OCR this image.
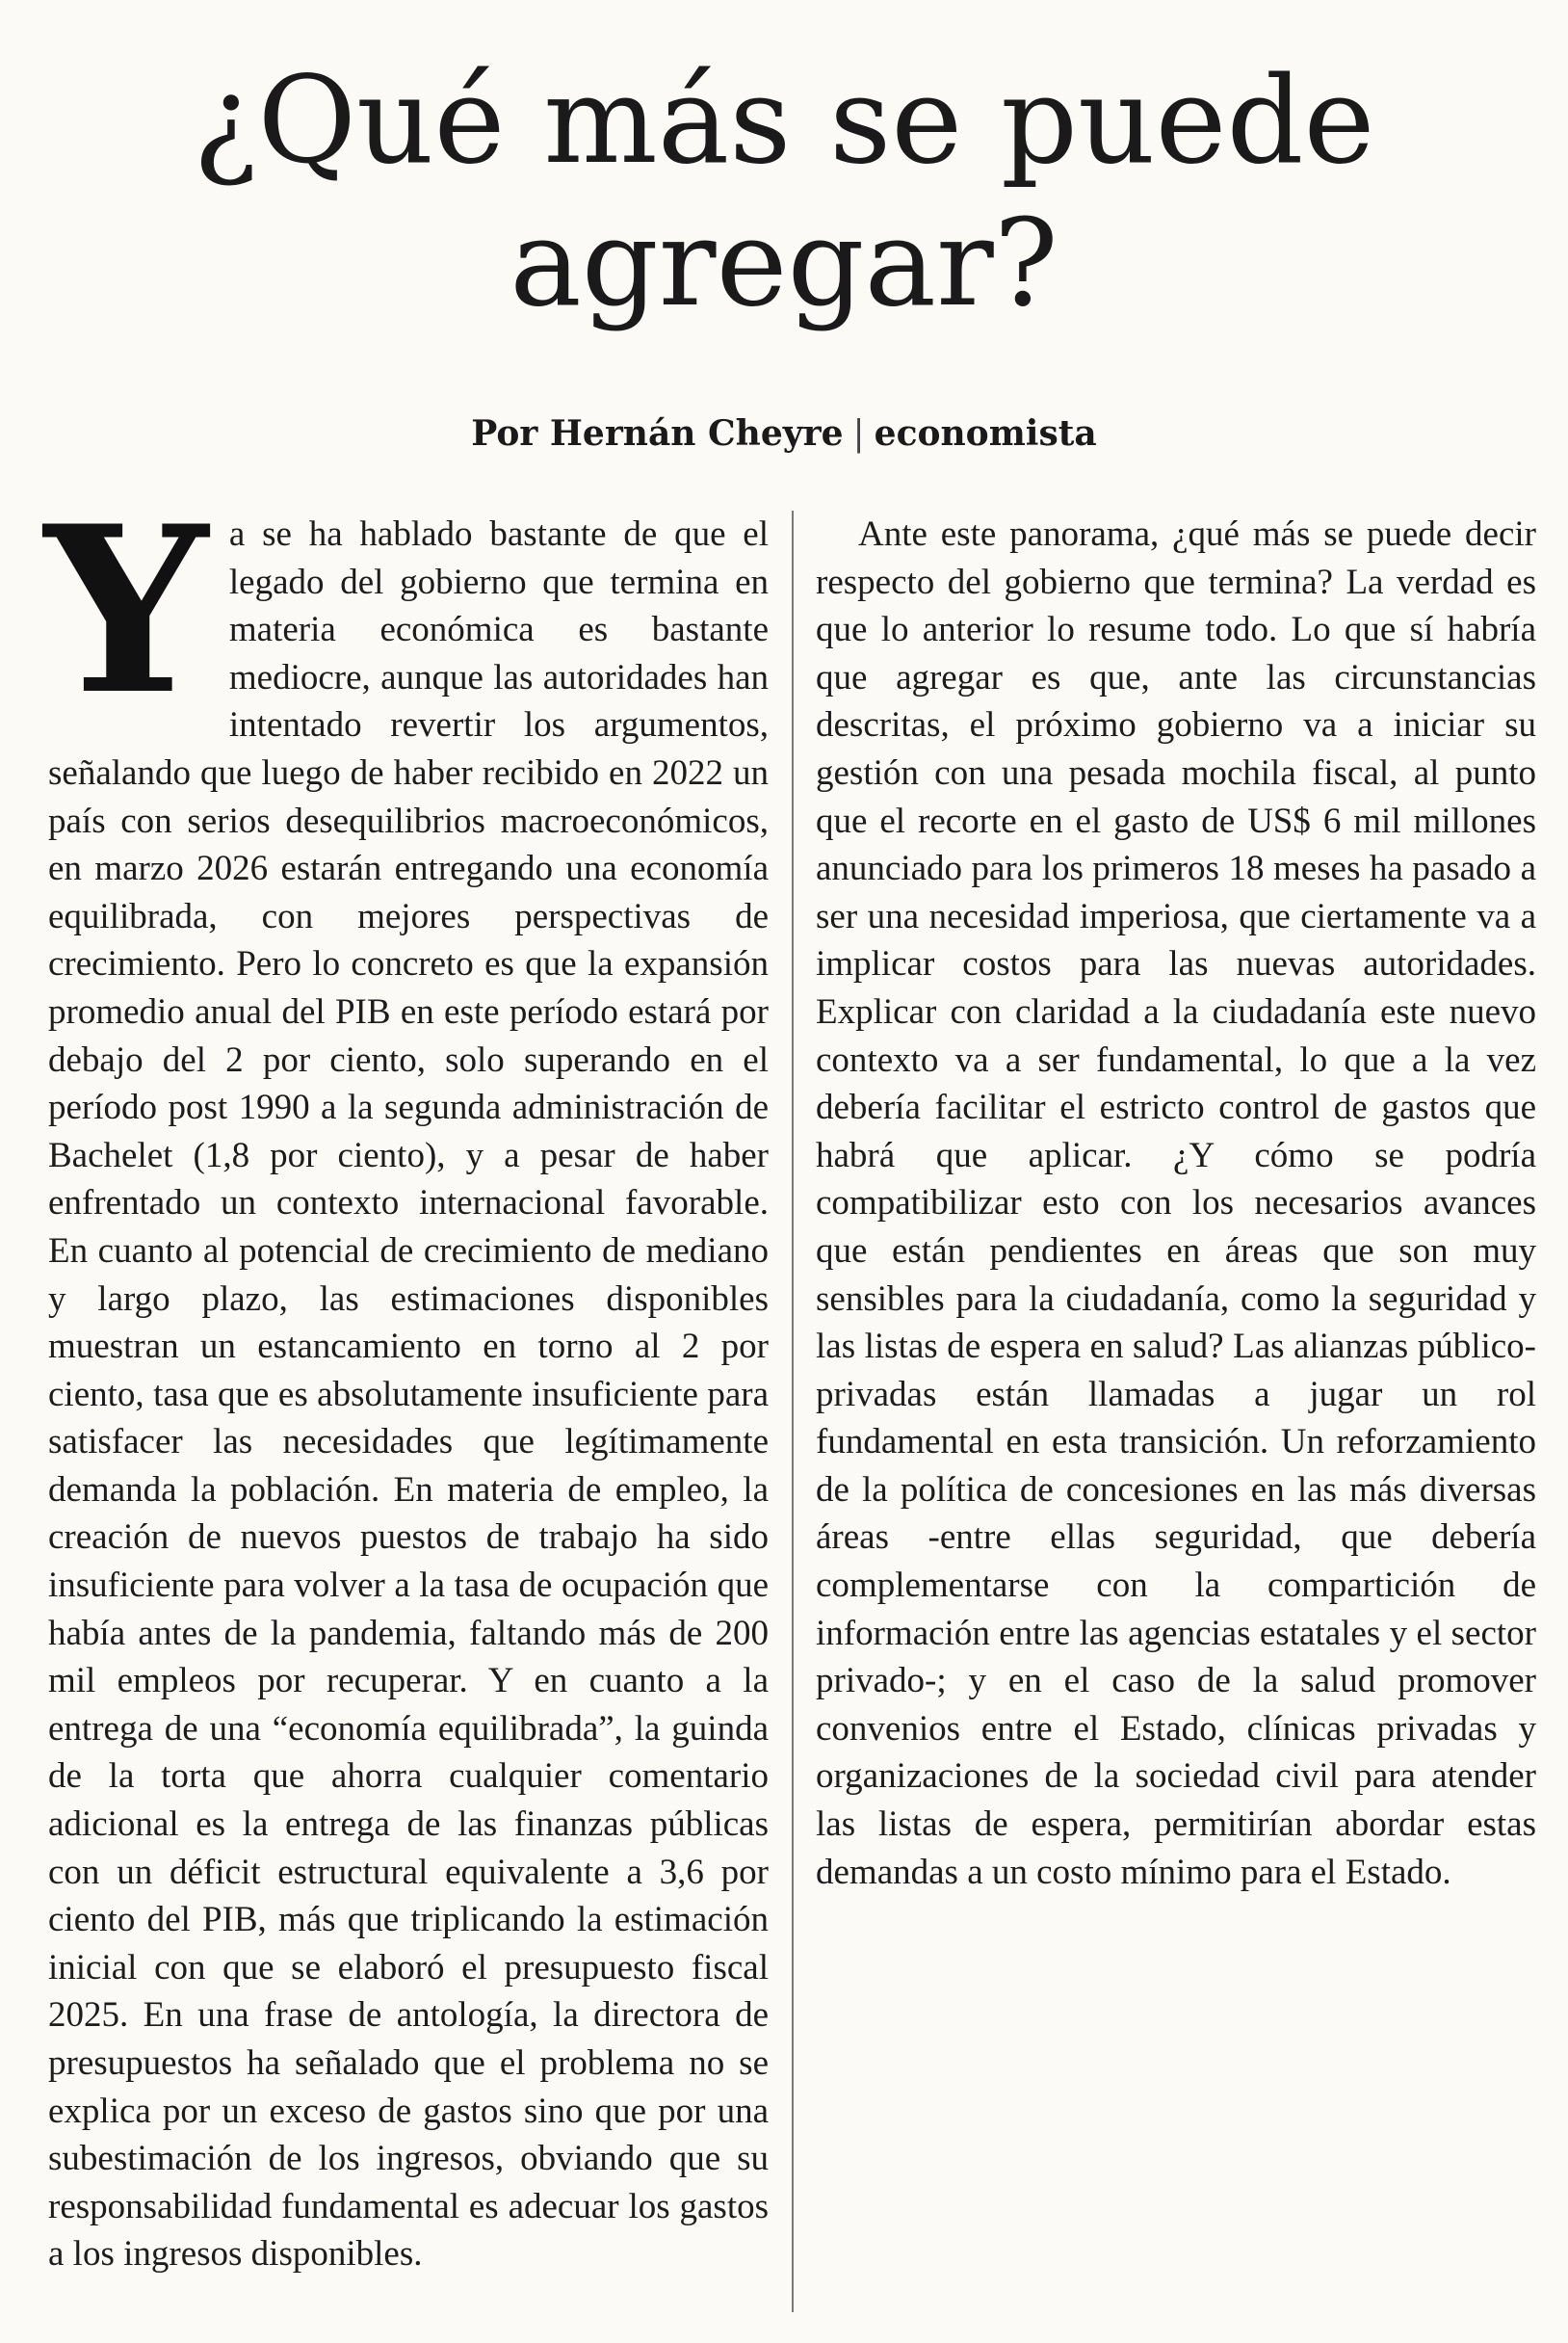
¿Qué más se puede agregar?
Por Hernán Cheyre | economista

Ya se ha hablado bastante de que el legado del gobierno que termina en materia económica es bastante mediocre, aunque las autoridades han intentado revertir los argumentos, señalando que luego de haber recibido en 2022 un país con serios desequilibrios macroeconómicos, en marzo 2026 estarán entregando una economía equilibrada, con mejores perspectivas de crecimiento. Pero lo concreto es que la expansión promedio anual del PIB en este período estará por debajo del 2 por ciento, solo superando en el período post 1990 a la segunda administración de Bachelet (1,8 por ciento), y a pesar de haber enfrentado un contexto internacional favorable. En cuanto al potencial de crecimiento de mediano y largo plazo, las estimaciones disponibles muestran un estancamiento en torno al 2 por ciento, tasa que es absolutamente insuficiente para satisfacer las necesidades que legítimamente demanda la población. En materia de empleo, la creación de nuevos puestos de trabajo ha sido insuficiente para volver a la tasa de ocupación que había antes de la pandemia, faltando más de 200 mil empleos por recuperar. Y en cuanto a la entrega de una “economía equilibrada”, la guinda de la torta que ahorra cualquier comentario adicional es la entrega de las finanzas públicas con un déficit estructural equivalente a 3,6 por ciento del PIB, más que triplicando la estimación inicial con que se elaboró el presupuesto fiscal 2025. En una frase de antología, la directora de presupuestos ha señalado que el problema no se explica por un exceso de gastos sino que por una subestimación de los ingresos, obviando que su responsabilidad fundamental es adecuar los gastos a los ingresos disponibles.

Ante este panorama, ¿qué más se puede decir respecto del gobierno que termina? La verdad es que lo anterior lo resume todo. Lo que sí habría que agregar es que, ante las circunstancias descritas, el próximo gobierno va a iniciar su gestión con una pesada mochila fiscal, al punto que el recorte en el gasto de US$ 6 mil millones anunciado para los primeros 18 meses ha pasado a ser una necesidad imperiosa, que ciertamente va a implicar costos para las nuevas autoridades. Explicar con claridad a la ciudadanía este nuevo contexto va a ser fundamental, lo que a la vez debería facilitar el estricto control de gastos que habrá que aplicar. ¿Y cómo se podría compatibilizar esto con los necesarios avances que están pendientes en áreas que son muy sensibles para la ciudadanía, como la seguridad y las listas de espera en salud? Las alianzas público-privadas están llamadas a jugar un rol fundamental en esta transición. Un reforzamiento de la política de concesiones en las más diversas áreas -entre ellas seguridad, que debería complementarse con la compartición de información entre las agencias estatales y el sector privado-; y en el caso de la salud promover convenios entre el Estado, clínicas privadas y organizaciones de la sociedad civil para atender las listas de espera, permitirían abordar estas demandas a un costo mínimo para el Estado.
